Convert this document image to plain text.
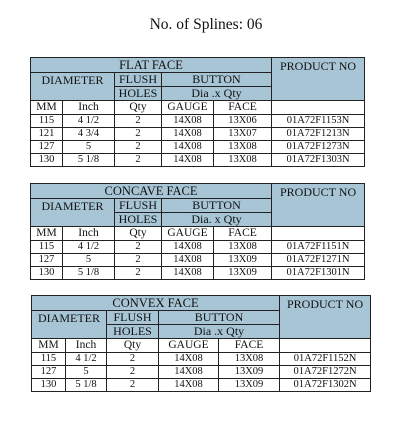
No. of Splines: 06
FLAT FACE					PRODUCT NO
DIAMETER		FLUSH	BUTTON		
		HOLES	Dia .x Qty		
MM	Inch	Qty	GAUGE	FACE	
115	4 1/2	2	14X08	13X06	01A72F1153N
121	4 3/4	2	14X08	13X07	01A72F1213N
127	5	2	14X08	13X08	01A72F1273N
130	5 1/8	2	14X08	13X08	01A72F1303N
CONCAVE FACE					PRODUCT NO
DIAMETER		FLUSH	BUTTON		
		HOLES	Dia. x Qty		
MM	Inch	Qty	GAUGE	FACE	
115	4 1/2	2	14X08	13X08	01A72F1151N
127	5	2	14X08	13X09	01A72F1271N
130	5 1/8	2	14X08	13X09	01A72F1301N
CONVEX FACE					PRODUCT NO
DIAMETER		FLUSH	BUTTON		
		HOLES	Dia .x Qty		
MM	Inch	Qty	GAUGE	FACE	
115	4 1/2	2	14X08	13X08	01A72F1152N
127	5	2	14X08	13X09	01A72F1272N
130	5 1/8	2	14X08	13X09	01A72F1302N
